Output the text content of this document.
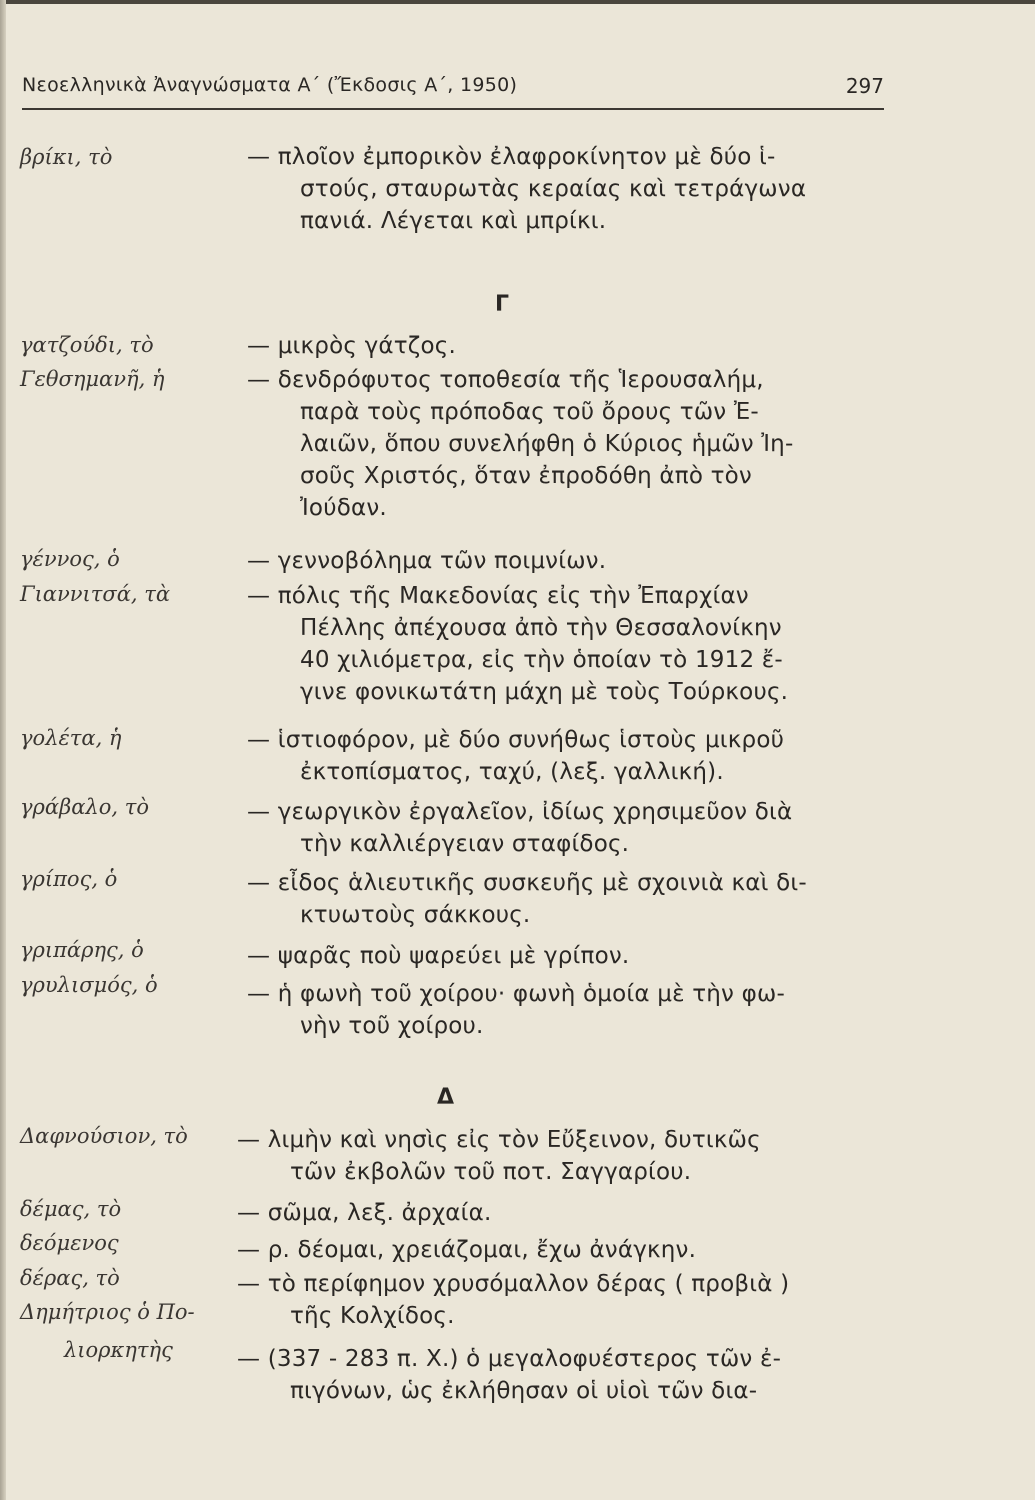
Νεοελληνικὰ Ἀναγνώσματα Α΄ (Ἔκδοσις Α΄, 1950)	297
βρίκι, τὸ	— πλοῖον ἐμπορικὸν ἐλαφροκίνητον μὲ δύο ἱ-
στούς, σταυρωτὰς κεραίας καὶ τετράγωνα
πανιά. Λέγεται καὶ μπρίκι.
Γ
γατζούδι, τὸ	— μικρὸς γάτζος.
Γεθσημανῆ, ἡ	— δενδρόφυτος τοποθεσία τῆς Ἱερουσαλήμ,
παρὰ τοὺς πρόποδας τοῦ ὄρους τῶν Ἐ-
λαιῶν, ὅπου συνελήφθη ὁ Κύριος ἡμῶν Ἰη-
σοῦς Χριστός, ὅταν ἐπροδόθη ἀπὸ τὸν
Ἰούδαν.
γέννος, ὁ	— γεννοβόλημα τῶν ποιμνίων.
Γιαννιτσά, τὰ	— πόλις τῆς Μακεδονίας εἰς τὴν Ἐπαρχίαν
Πέλλης ἀπέχουσα ἀπὸ τὴν Θεσσαλονίκην
40 χιλιόμετρα, εἰς τὴν ὁποίαν τὸ 1912 ἔ-
γινε φονικωτάτη μάχη μὲ τοὺς Τούρκους.
γολέτα, ἡ	— ἱστιοφόρον, μὲ δύο συνήθως ἱστοὺς μικροῦ
ἐκτοπίσματος, ταχύ, (λεξ. γαλλική).
γράβαλο, τὸ	— γεωργικὸν ἐργαλεῖον, ἰδίως χρησιμεῦον διὰ
τὴν καλλιέργειαν σταφίδος.
γρίπος, ὁ	— εἶδος ἁλιευτικῆς συσκευῆς μὲ σχοινιὰ καὶ δι-
κτυωτοὺς σάκκους.
γριπάρης, ὁ	— ψαρᾶς ποὺ ψαρεύει μὲ γρίπον.
γρυλισμός, ὁ	— ἡ φωνὴ τοῦ χοίρου· φωνὴ ὁμοία μὲ τὴν φω-
νὴν τοῦ χοίρου.
Δ
Δαφνούσιον, τὸ — λιμὴν καὶ νησὶς εἰς τὸν Εὔξεινον, δυτικῶς
τῶν ἐκβολῶν τοῦ ποτ. Σαγγαρίου.
δέμας, τὸ	— σῶμα, λεξ. ἀρχαία.
δεόμενος	— ρ. δέομαι, χρειάζομαι, ἔχω ἀνάγκην.
δέρας, τὸ	— τὸ περίφημον χρυσόμαλλον δέρας ( προβιὰ )
τῆς Κολχίδος.
Δημήτριος ὁ Πο-
λιορκητὴς	— (337 - 283 π. Χ.) ὁ μεγαλοφυέστερος τῶν ἐ-
πιγόνων, ὡς ἐκλήθησαν οἱ υἱοὶ τῶν δια-
